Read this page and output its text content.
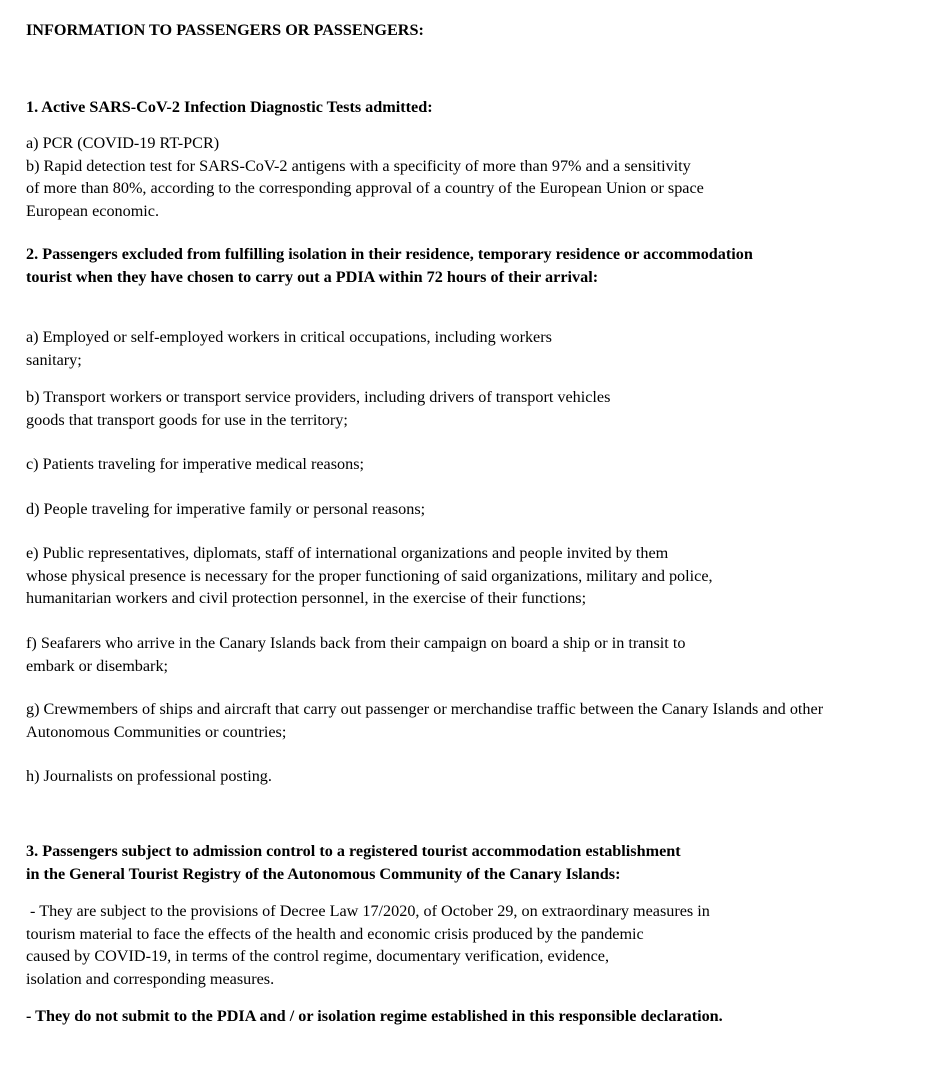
INFORMATION TO PASSENGERS OR PASSENGERS:
1. Active SARS-CoV-2 Infection Diagnostic Tests admitted:
a) PCR (COVID-19 RT-PCR)
b) Rapid detection test for SARS-CoV-2 antigens with a specificity of more than 97% and a sensitivity
of more than 80%, according to the corresponding approval of a country of the European Union or space
European economic.
2. Passengers excluded from fulfilling isolation in their residence, temporary residence or accommodation
tourist when they have chosen to carry out a PDIA within 72 hours of their arrival:
a) Employed or self-employed workers in critical occupations, including workers
sanitary;
b) Transport workers or transport service providers, including drivers of transport vehicles
goods that transport goods for use in the territory;
c) Patients traveling for imperative medical reasons;
d) People traveling for imperative family or personal reasons;
e) Public representatives, diplomats, staff of international organizations and people invited by them
whose physical presence is necessary for the proper functioning of said organizations, military and police,
humanitarian workers and civil protection personnel, in the exercise of their functions;
f) Seafarers who arrive in the Canary Islands back from their campaign on board a ship or in transit to
embark or disembark;
g) Crewmembers of ships and aircraft that carry out passenger or merchandise traffic between the Canary Islands and other
Autonomous Communities or countries;
h) Journalists on professional posting.
3. Passengers subject to admission control to a registered tourist accommodation establishment
in the General Tourist Registry of the Autonomous Community of the Canary Islands:
- They are subject to the provisions of Decree Law 17/2020, of October 29, on extraordinary measures in
tourism material to face the effects of the health and economic crisis produced by the pandemic
caused by COVID-19, in terms of the control regime, documentary verification, evidence,
isolation and corresponding measures.
- They do not submit to the PDIA and / or isolation regime established in this responsible declaration.
